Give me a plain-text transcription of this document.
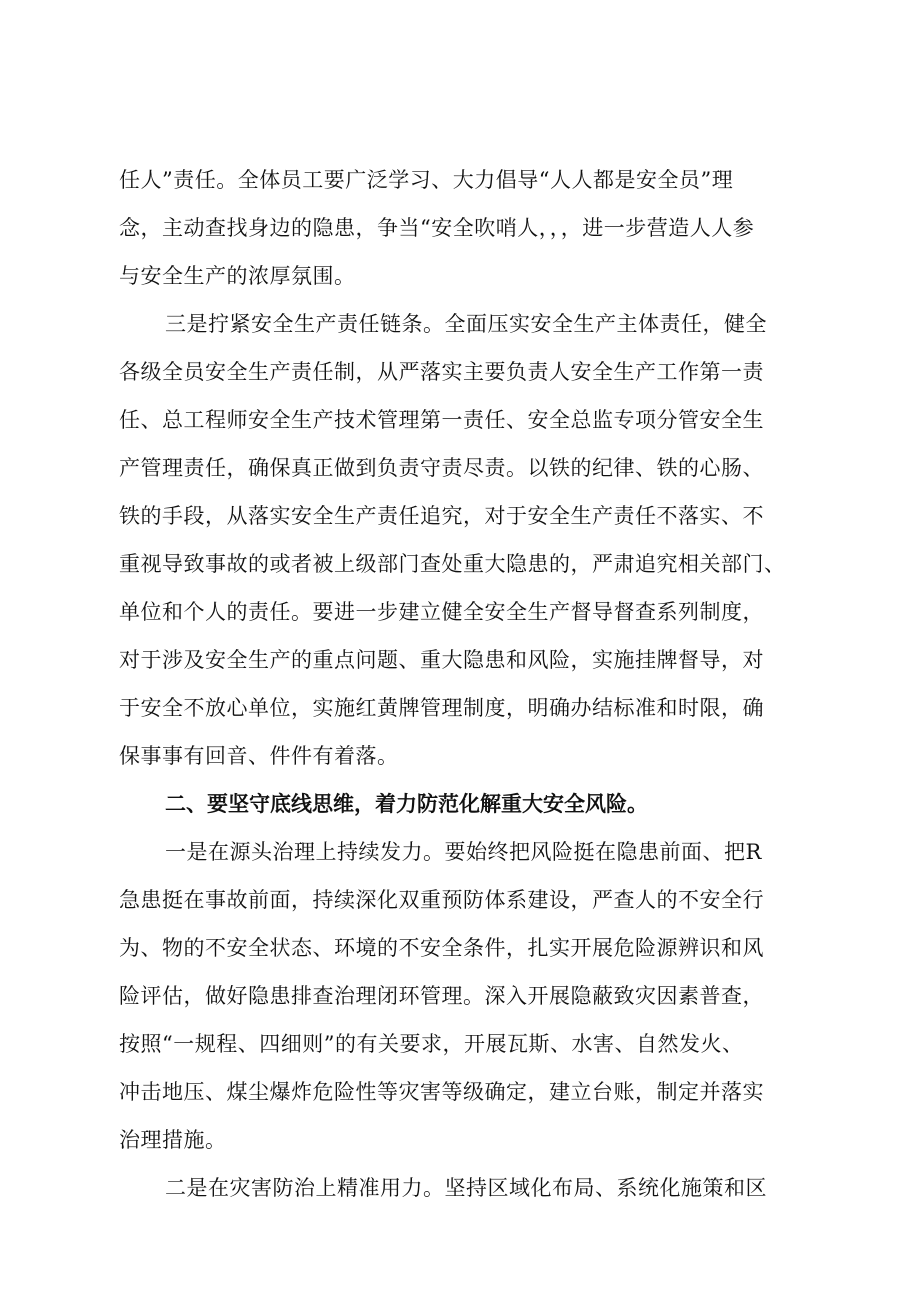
任人”责任。全体员工要广泛学习、大力倡导“人人都是安全员”理
念，主动查找身边的隐患，争当“安全吹哨人，，，进一步营造人人参
与安全生产的浓厚氛围。
三是拧紧安全生产责任链条。全面压实安全生产主体责任，健全
各级全员安全生产责任制，从严落实主要负责人安全生产工作第一责
任、总工程师安全生产技术管理第一责任、安全总监专项分管安全生
产管理责任，确保真正做到负责守责尽责。以铁的纪律、铁的心肠、
铁的手段，从落实安全生产责任追究，对于安全生产责任不落实、不
重视导致事故的或者被上级部门查处重大隐患的，严肃追究相关部门、
单位和个人的责任。要进一步建立健全安全生产督导督查系列制度，
对于涉及安全生产的重点问题、重大隐患和风险，实施挂牌督导，对
于安全不放心单位，实施红黄牌管理制度，明确办结标准和时限，确
保事事有回音、件件有着落。
二、要坚守底线思维，着力防范化解重大安全风险。
一是在源头治理上持续发力。要始终把风险挺在隐患前面、把R
急患挺在事故前面，持续深化双重预防体系建设，严查人的不安全行
为、物的不安全状态、环境的不安全条件，扎实开展危险源辨识和风
险评估，做好隐患排查治理闭环管理。深入开展隐蔽致灾因素普查，
按照“一规程、四细则”的有关要求，开展瓦斯、水害、自然发火、
冲击地压、煤尘爆炸危险性等灾害等级确定，建立台账，制定并落实
治理措施。
二是在灾害防治上精准用力。坚持区域化布局、系统化施策和区
